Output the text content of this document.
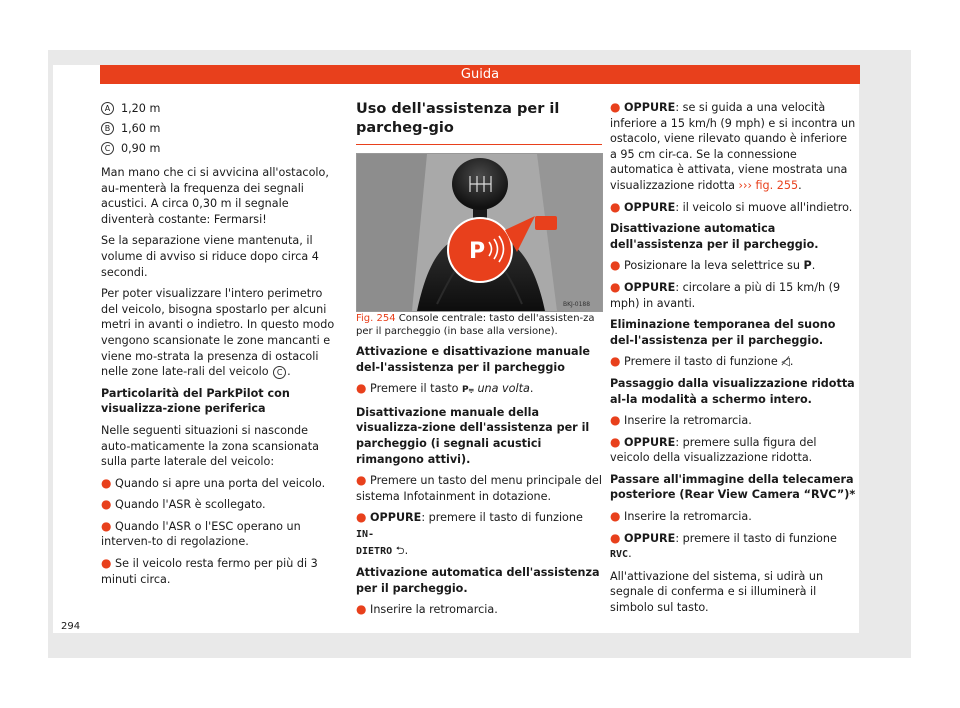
Guida
A 1,20 m
B 1,60 m
C 0,90 m

Man mano che ci si avvicina all'ostacolo, au-menterà la frequenza dei segnali acustici. A circa 0,30 m il segnale diventerà costante: Fermarsi!

Se la separazione viene mantenuta, il volume di avviso si riduce dopo circa 4 secondi.

Per poter visualizzare l'intero perimetro del veicolo, bisogna spostarlo per alcuni metri in avanti o indietro. In questo modo vengono scansionate le zone mancanti e viene mo-strata la presenza di ostacoli nelle zone late-rali del veicolo C .

Particolarità del ParkPilot con visualizza-zione periferica

Nelle seguenti situazioni si nasconde auto-maticamente la zona scansionata sulla parte laterale del veicolo:

● Quando si apre una porta del veicolo.

● Quando l'ASR è scollegato.

● Quando l'ASR o l'ESC operano un interven-to di regolazione.

● Se il veicolo resta fermo per più di 3 minuti circa.

Uso dell'assistenza per il parcheg-gio
P
BKJ-0188

Fig. 254 Console centrale: tasto dell'assisten-za per il parcheggio (in base alla versione).

Attivazione e disattivazione manuale del-l'assistenza per il parcheggio

● Premere il tasto P⩦ una volta.

Disattivazione manuale della visualizza-zione dell'assistenza per il parcheggio (i segnali acustici rimangono attivi).

● Premere un tasto del menu principale del sistema Infotainment in dotazione.

● OPPURE: premere il tasto di funzione IN-
DIETRO ⮌.

Attivazione automatica dell'assistenza per il parcheggio.

● Inserire la retromarcia.

● OPPURE: se si guida a una velocità inferiore a 15 km/h (9 mph) e si incontra un ostacolo, viene rilevato quando è inferiore a 95 cm cir-ca. Se la connessione automatica è attivata, viene mostrata una visualizzazione ridotta ››› fig. 255.

● OPPURE: il veicolo si muove all'indietro.

Disattivazione automatica dell'assistenza per il parcheggio.

● Posizionare la leva selettrice su P.

● OPPURE: circolare a più di 15 km/h (9 mph) in avanti.

Eliminazione temporanea del suono del-l'assistenza per il parcheggio.

● Premere il tasto di funzione ◁̸.

Passaggio dalla visualizzazione ridotta al-la modalità a schermo intero.

● Inserire la retromarcia.

● OPPURE: premere sulla figura del veicolo della visualizzazione ridotta.

Passare all'immagine della telecamera posteriore (Rear View Camera “RVC”)*

● Inserire la retromarcia.

● OPPURE: premere il tasto di funzione RVC.

All'attivazione del sistema, si udirà un segnale di conferma e si illuminerà il simbolo sul tasto.

294
